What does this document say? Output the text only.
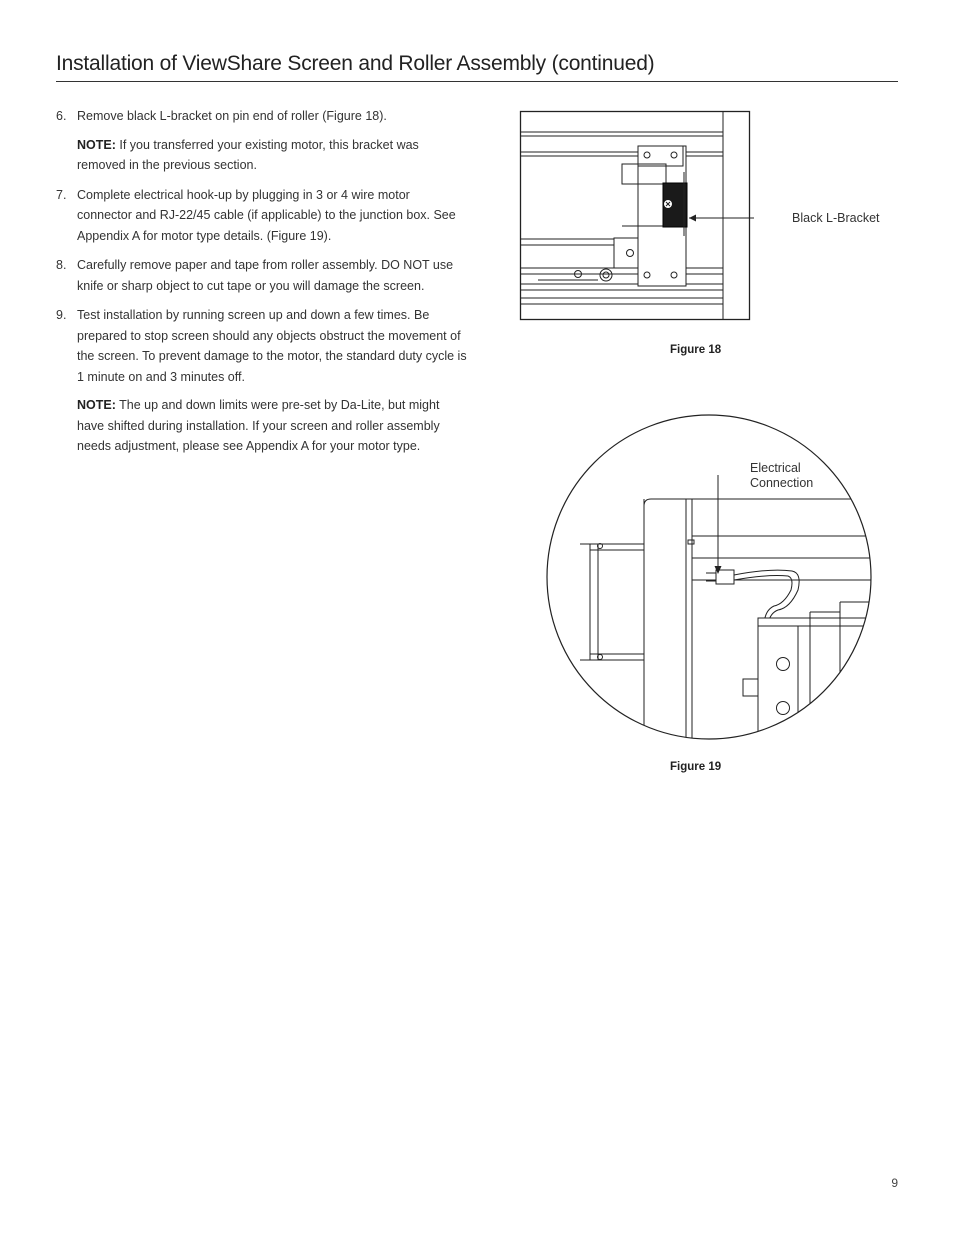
Installation of ViewShare Screen and Roller Assembly (continued)
6. Remove black L-bracket on pin end of roller (Figure 18).

NOTE: If you transferred your existing motor, this bracket was removed in the previous section.

7. Complete electrical hook-up by plugging in 3 or 4 wire motor connector and RJ-22/45 cable (if applicable) to the junction box. See Appendix A for motor type details. (Figure 19).

8. Carefully remove paper and tape from roller assembly. DO NOT use knife or sharp object to cut tape or you will damage the screen.

9. Test installation by running screen up and down a few times. Be prepared to stop screen should any objects obstruct the movement of the screen. To prevent damage to the motor, the standard duty cycle is 1 minute on and 3 minutes off.

NOTE: The up and down limits were pre-set by Da-Lite, but might have shifted during installation. If your screen and roller assembly needs adjustment, please see Appendix A for your motor type.

Black L-Bracket
Figure 18
Electrical
Connection
Figure 19
9
